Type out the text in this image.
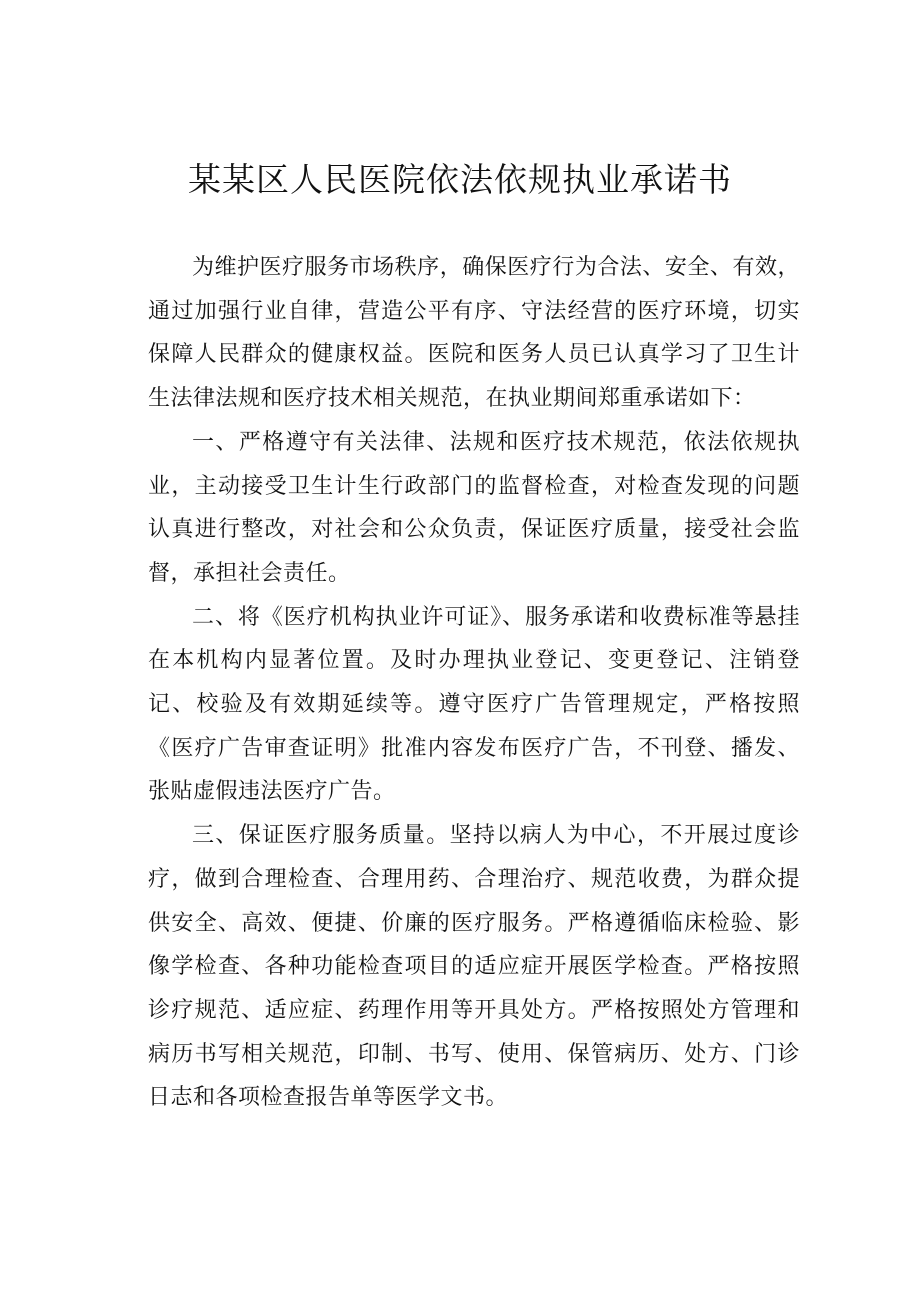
某某区人民医院依法依规执业承诺书

为维护医疗服务市场秩序，确保医疗行为合法、安全、有效，通过加强行业自律，营造公平有序、守法经营的医疗环境，切实保障人民群众的健康权益。医院和医务人员已认真学习了卫生计生法律法规和医疗技术相关规范，在执业期间郑重承诺如下：

一、严格遵守有关法律、法规和医疗技术规范，依法依规执业，主动接受卫生计生行政部门的监督检查，对检查发现的问题认真进行整改，对社会和公众负责，保证医疗质量，接受社会监督，承担社会责任。

二、将《医疗机构执业许可证》、服务承诺和收费标准等悬挂在本机构内显著位置。及时办理执业登记、变更登记、注销登记、校验及有效期延续等。遵守医疗广告管理规定，严格按照《医疗广告审查证明》批准内容发布医疗广告，不刊登、播发、张贴虚假违法医疗广告。

三、保证医疗服务质量。坚持以病人为中心，不开展过度诊疗，做到合理检查、合理用药、合理治疗、规范收费，为群众提供安全、高效、便捷、价廉的医疗服务。严格遵循临床检验、影像学检查、各种功能检查项目的适应症开展医学检查。严格按照诊疗规范、适应症、药理作用等开具处方。严格按照处方管理和病历书写相关规范，印制、书写、使用、保管病历、处方、门诊日志和各项检查报告单等医学文书。
